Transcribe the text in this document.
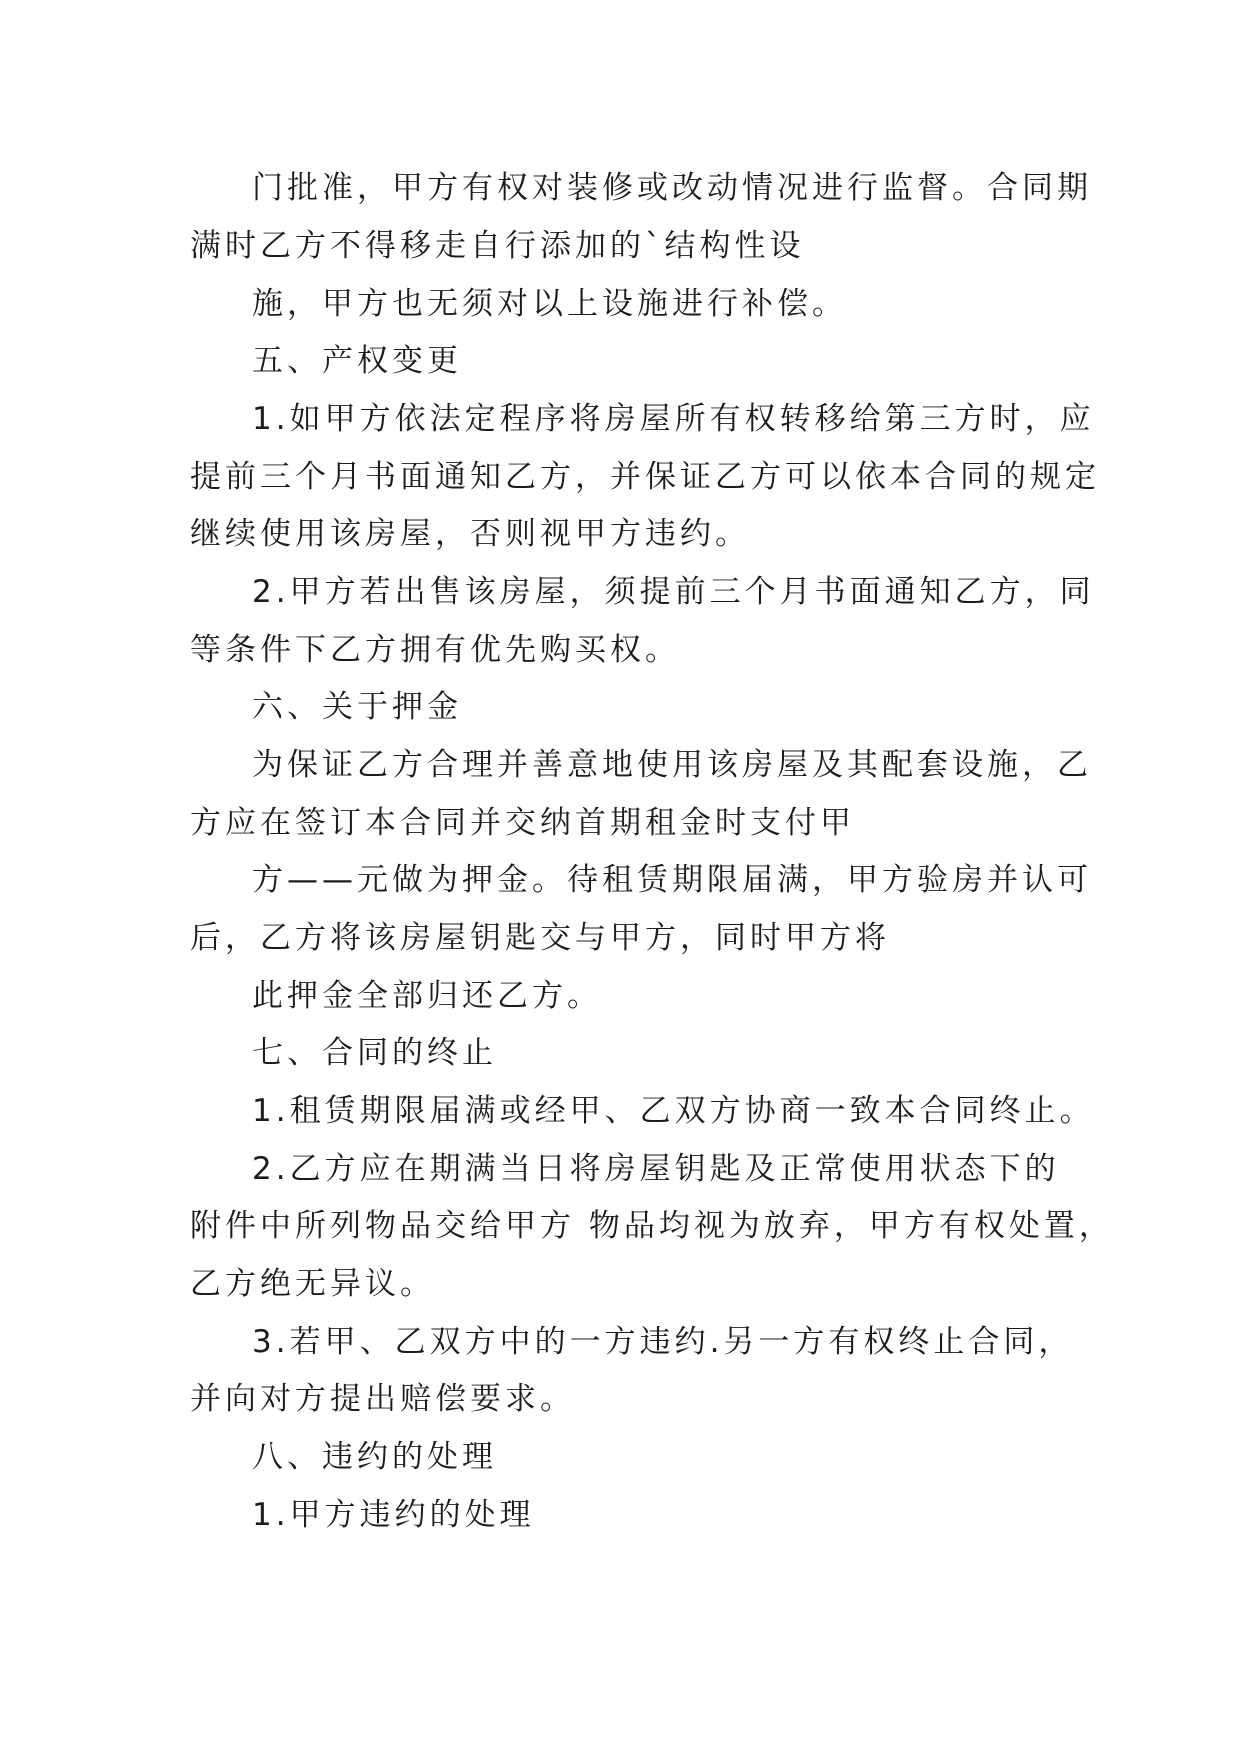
门批准，甲方有权对装修或改动情况进行监督。合同期
满时乙方不得移走自行添加的`结构性设
施，甲方也无须对以上设施进行补偿。
五、产权变更
1.如甲方依法定程序将房屋所有权转移给第三方时，应
提前三个月书面通知乙方，并保证乙方可以依本合同的规定
继续使用该房屋，否则视甲方违约。
2.甲方若出售该房屋，须提前三个月书面通知乙方，同
等条件下乙方拥有优先购买权。
六、关于押金
为保证乙方合理并善意地使用该房屋及其配套设施，乙
方应在签订本合同并交纳首期租金时支付甲
方——元做为押金。待租赁期限届满，甲方验房并认可
后，乙方将该房屋钥匙交与甲方，同时甲方将
此押金全部归还乙方。
七、合同的终止
1.租赁期限届满或经甲、乙双方协商一致本合同终止。
2.乙方应在期满当日将房屋钥匙及正常使用状态下的
附件中所列物品交给甲方 物品均视为放弃，甲方有权处置，
乙方绝无异议。
3.若甲、乙双方中的一方违约.另一方有权终止合同，
并向对方提出赔偿要求。
八、违约的处理
1.甲方违约的处理
